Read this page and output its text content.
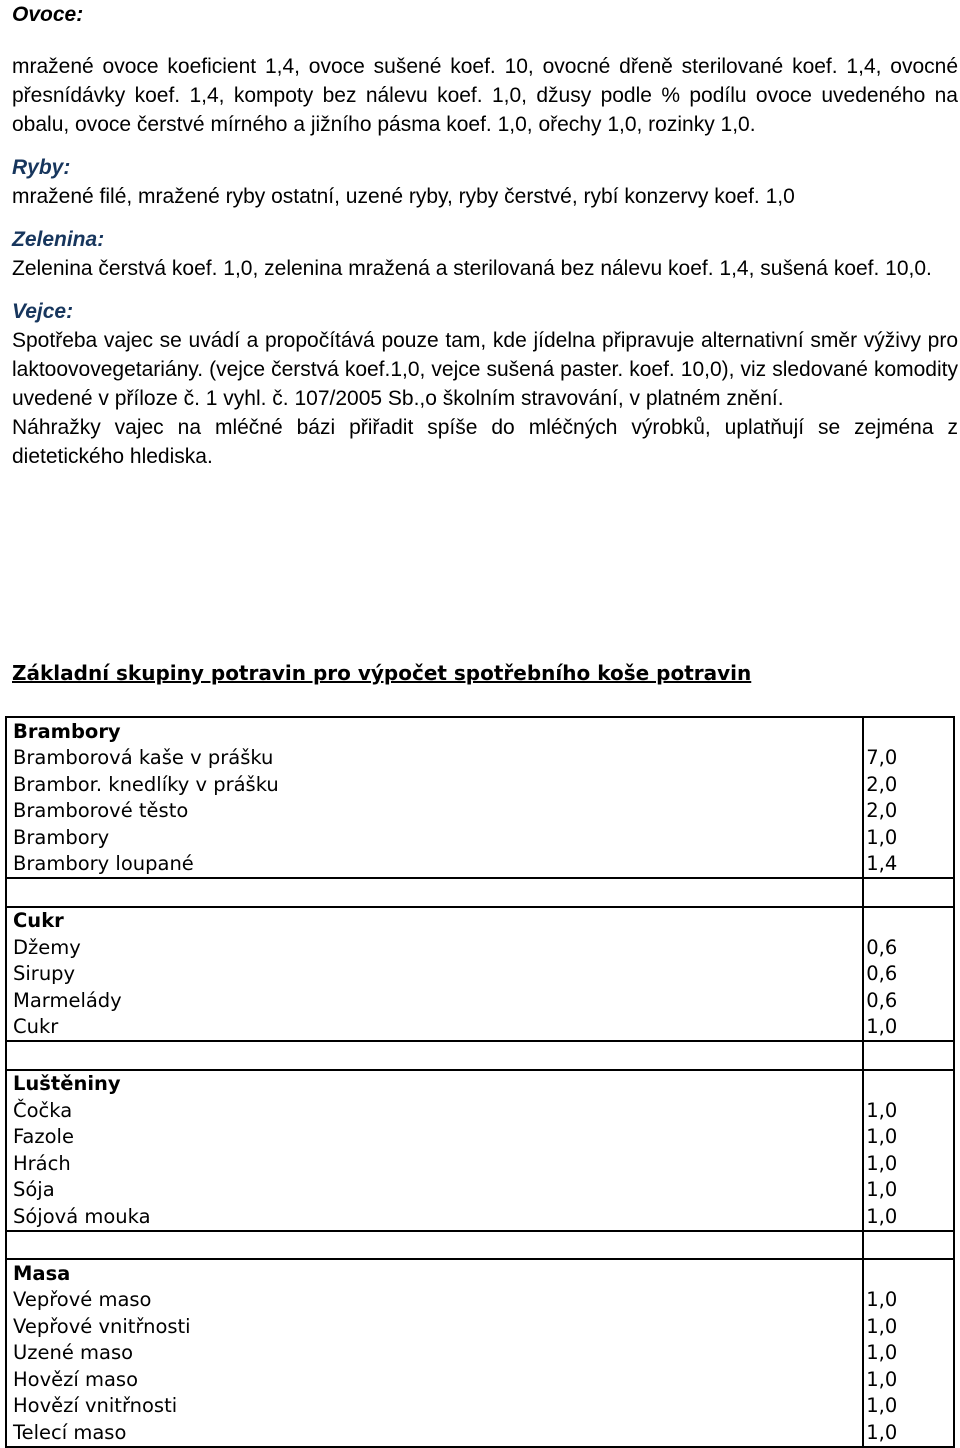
Ovoce:

mražené ovoce koeficient 1,4, ovoce sušené koef. 10, ovocné dřeně sterilované koef. 1,4, ovocné přesnídávky koef. 1,4, kompoty bez nálevu koef. 1,0, džusy podle % podílu ovoce uvedeného na obalu, ovoce čerstvé mírného a jižního pásma koef. 1,0, ořechy 1,0, rozinky 1,0.

Ryby:

mražené filé, mražené ryby ostatní, uzené ryby, ryby čerstvé, rybí konzervy koef. 1,0

Zelenina:

Zelenina čerstvá koef. 1,0, zelenina mražená a sterilovaná bez nálevu koef. 1,4, sušená koef. 10,0.

Vejce:

Spotřeba vajec se uvádí a propočítává pouze tam, kde jídelna připravuje alternativní směr výživy pro laktoovovegetariány. (vejce čerstvá koef.1,0, vejce sušená paster. koef. 10,0), viz sledované komodity uvedené v příloze č. 1 vyhl. č. 107/2005 Sb.,o školním stravování, v platném znění.

Náhražky vajec na mléčné bázi přiřadit spíše do mléčných výrobků, uplatňují se zejména z dietetického hlediska.

Základní skupiny potravin pro výpočet spotřebního koše potravin
Brambory	
Bramborová kaše v prášku	7,0
Brambor. knedlíky v prášku	2,0
Bramborové těsto	2,0
Brambory	1,0
Brambory loupané	1,4

Cukr	
Džemy	0,6
Sirupy	0,6
Marmelády	0,6
Cukr	1,0

Luštěniny	
Čočka	1,0
Fazole	1,0
Hrách	1,0
Sója	1,0
Sójová mouka	1,0

Masa	
Vepřové maso	1,0
Vepřové vnitřnosti	1,0
Uzené maso	1,0
Hovězí maso	1,0
Hovězí vnitřnosti	1,0
Telecí maso	1,0
